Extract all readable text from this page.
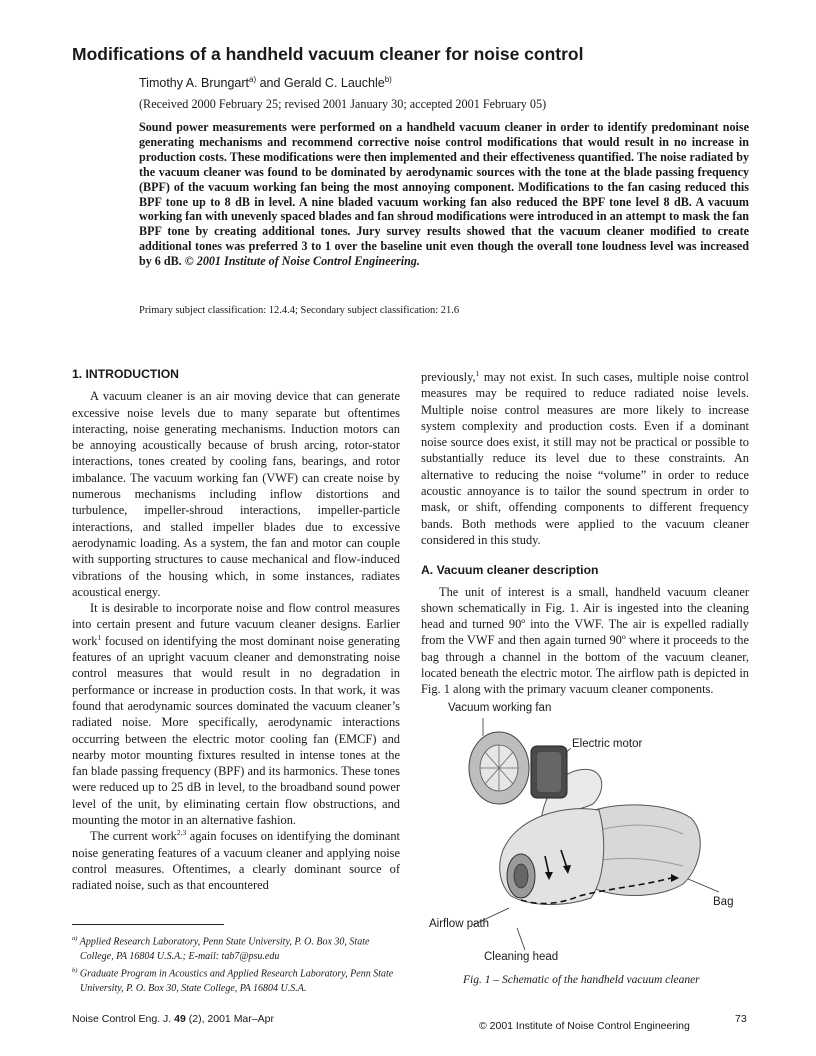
Modifications of a handheld vacuum cleaner for noise control
Timothy A. Brungart$^{a)}$ and Gerald C. Lauchle$^{b)}$
(Received 2000 February 25; revised 2001 January 30; accepted 2001 February 05)

Sound power measurements were performed on a handheld vacuum cleaner in order to identify predominant noise generating mechanisms and recommend corrective noise control modifications that would result in no increase in production costs. These modifications were then implemented and their effectiveness quantified. The noise radiated by the vacuum cleaner was found to be dominated by aerodynamic sources with the tone at the blade passing frequency (BPF) of the vacuum working fan being the most annoying component. Modifications to the fan casing reduced this BPF tone up to 8 dB in level. A nine bladed vacuum working fan also reduced the BPF tone level 8 dB. A vacuum working fan with unevenly spaced blades and fan shroud modifications were introduced in an attempt to mask the fan BPF tone by creating additional tones. Jury survey results showed that the vacuum cleaner modified to create additional tones was preferred 3 to 1 over the baseline unit even though the overall tone loudness level was increased by 6 dB. © 2001 Institute of Noise Control Engineering.

Primary subject classification: 12.4.4; Secondary subject classification: 21.6
1. INTRODUCTION

A vacuum cleaner is an air moving device that can generate excessive noise levels due to many separate but oftentimes interacting, noise generating mechanisms. Induction motors can be annoying acoustically because of brush arcing, rotor-stator interactions, tones created by cooling fans, bearings, and rotor imbalance. The vacuum working fan (VWF) can create noise by numerous mechanisms including inflow distortions and turbulence, impeller-shroud interactions, impeller-particle interactions, and stalled impeller blades due to excessive aerodynamic loading. As a system, the fan and motor can couple with supporting structures to cause mechanical and flow-induced vibrations of the housing which, in some instances, radiates acoustical energy.

It is desirable to incorporate noise and flow control measures into certain present and future vacuum cleaner designs. Earlier work$^1$ focused on identifying the most dominant noise generating features of an upright vacuum cleaner and demonstrating noise control measures that would result in no degradation in performance or increase in production costs. In that work, it was found that aerodynamic sources dominated the vacuum cleaner’s radiated noise. More specifically, aerodynamic interactions occurring between the electric motor cooling fan (EMCF) and nearby motor mounting fixtures resulted in intense tones at the fan blade passing frequency (BPF) and its harmonics. These tones were reduced up to 25 dB in level, to the broadband sound power level of the unit, by eliminating certain flow obstructions, and mounting the motor in an alternative fashion.

The current work$^{2,3}$ again focuses on identifying the dominant noise generating features of a vacuum cleaner and applying noise control measures. Oftentimes, a clearly dominant source of radiated noise, such as that encountered

previously,$^1$ may not exist. In such cases, multiple noise control measures may be required to reduce radiated noise levels. Multiple noise control measures are more likely to increase system complexity and production costs. Even if a dominant noise source does exist, it still may not be practical or possible to substantially reduce its level due to these constraints. An alternative to reducing the noise “volume” in order to reduce acoustic annoyance is to tailor the sound spectrum in order to mask, or shift, offending components to different frequency bands. Both methods were applied to the vacuum cleaner considered in this study.

A. Vacuum cleaner description

The unit of interest is a small, handheld vacuum cleaner shown schematically in Fig. 1. Air is ingested into the cleaning head and turned 90º into the VWF. The air is expelled radially from the VWF and then again turned 90º where it proceeds to the bag through a channel in the bottom of the vacuum cleaner, located beneath the electric motor. The airflow path is depicted in Fig. 1 along with the primary vacuum cleaner components.

$^{a)}$ Applied Research Laboratory, Penn State University, P. O. Box 30, State College, PA 16804 U.S.A.; E-mail: tab7@psu.edu

$^{b)}$ Graduate Program in Acoustics and Applied Research Laboratory, Penn State University, P. O. Box 30, State College, PA 16804 U.S.A.

Vacuum working fan
Electric motor
Bag
Airflow path
Cleaning head
Fig. 1 – Schematic of the handheld vacuum cleaner
Noise Control Eng. J. 49 (2), 2001 Mar–Apr
© 2001 Institute of Noise Control Engineering
73
